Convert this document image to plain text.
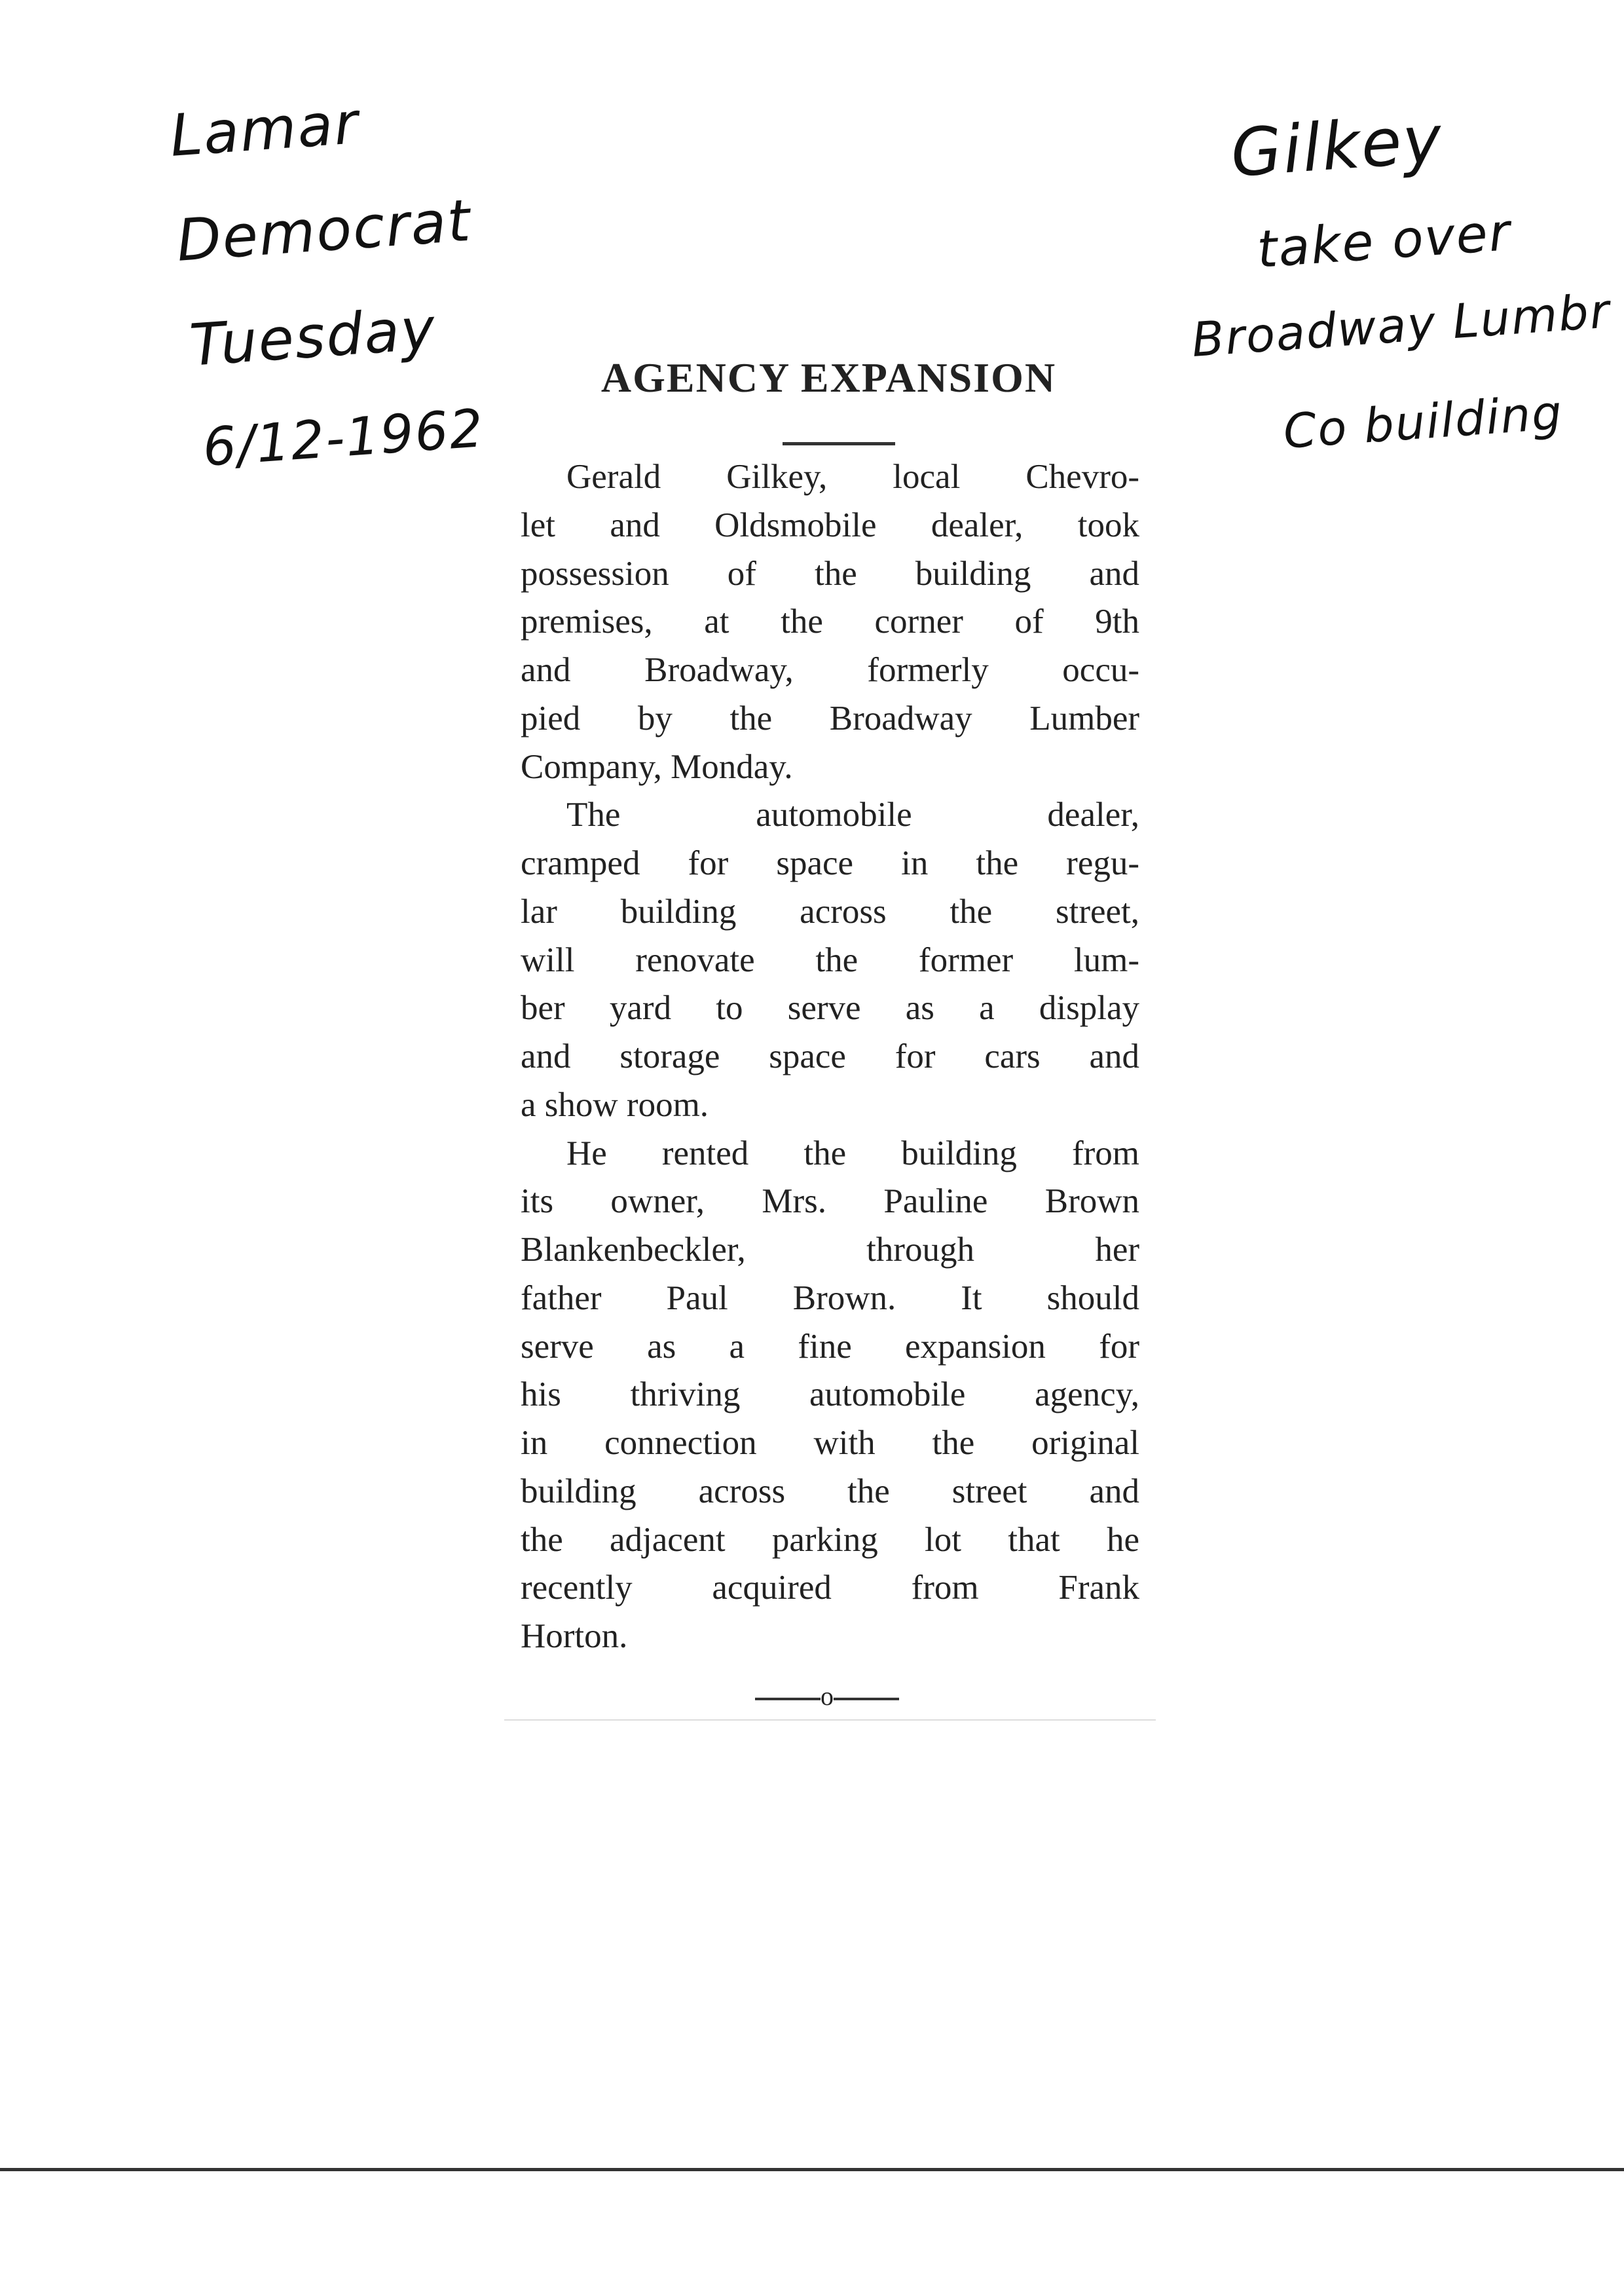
Lamar
Democrat
Tuesday
6/12-1962
Gilkey
take over
Broadway Lumbr
Co building
AGENCY EXPANSION
Gerald Gilkey, local Chevro-
let and Oldsmobile dealer, took
possession of the building and
premises, at the corner of 9th
and Broadway, formerly occu-
pied by the Broadway Lumber
Company, Monday.
The automobile dealer,
cramped for space in the regu-
lar building across the street,
will renovate the former lum-
ber yard to serve as a display
and storage space for cars and
a show room.
He rented the building from
its owner, Mrs. Pauline Brown
Blankenbeckler, through her
father Paul Brown. It should
serve as a fine expansion for
his thriving automobile agency,
in connection with the original
building across the street and
the adjacent parking lot that he
recently acquired from Frank
Horton.
o
